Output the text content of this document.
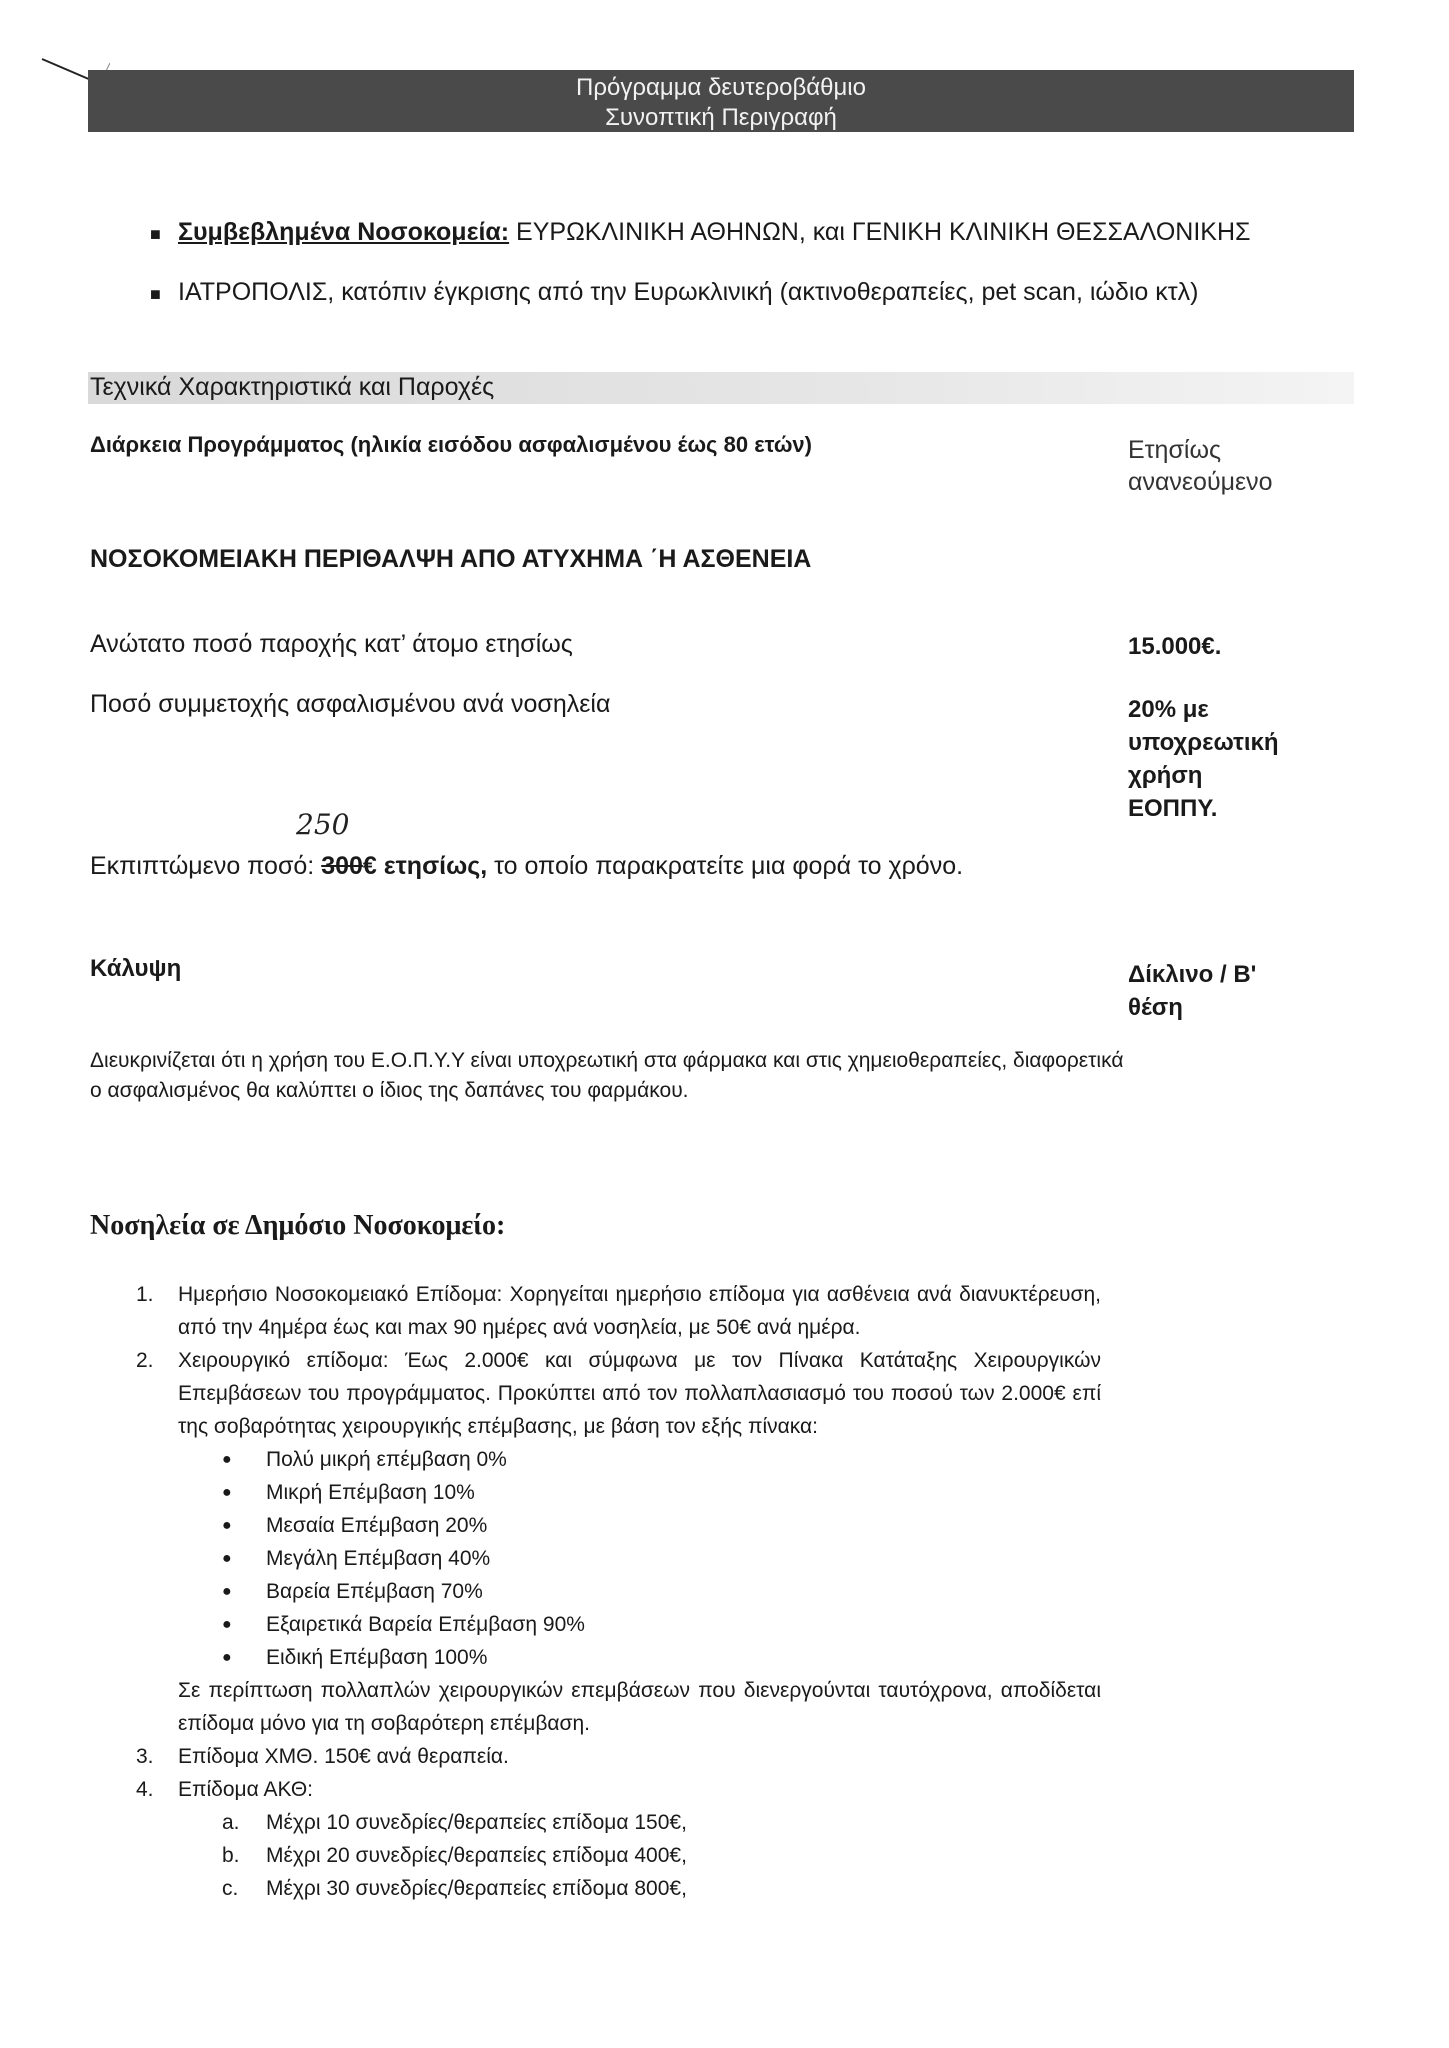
Πρόγραμμα δευτεροβάθμιο
Συνοπτική Περιγραφή
■ Συμβεβλημένα Νοσοκομεία: ΕΥΡΩΚΛΙΝΙΚΗ ΑΘΗΝΩΝ, και ΓΕΝΙΚΗ ΚΛΙΝΙΚΗ ΘΕΣΣΑΛΟΝΙΚΗΣ
■ ΙΑΤΡΟΠΟΛΙΣ, κατόπιν έγκρισης από την Ευρωκλινική (ακτινοθεραπείες, pet scan, ιώδιο κτλ)
Τεχνικά Χαρακτηριστικά και Παροχές
Διάρκεια Προγράμματος (ηλικία εισόδου ασφαλισμένου έως 80 ετών)	Ετησίως
ανανεούμενο
ΝΟΣΟΚΟΜΕΙΑΚΗ ΠΕΡΙΘΑΛΨΗ ΑΠΟ ΑΤΥΧΗΜΑ ΄Η ΑΣΘΕΝΕΙΑ
Ανώτατο ποσό παροχής κατ’ άτομο ετησίως	15.000€.
Ποσό συμμετοχής ασφαλισμένου ανά νοσηλεία	20% με
υποχρεωτική
χρήση
ΕΟΠΠΥ.
250
Εκπιπτώμενο ποσό: 300€ ετησίως, το οποίο παρακρατείτε μια φορά το χρόνο.
Κάλυψη	Δίκλινο / Β'
θέση
Διευκρινίζεται ότι η χρήση του Ε.Ο.Π.Υ.Υ είναι υποχρεωτική στα φάρμακα και στις χημειοθεραπείες, διαφορετικά ο ασφαλισμένος θα καλύπτει ο ίδιος της δαπάνες του φαρμάκου.
Νοσηλεία σε Δημόσιο Νοσοκομείο:
1.	Ημερήσιο Νοσοκομειακό Επίδομα: Χορηγείται ημερήσιο επίδομα για ασθένεια ανά διανυκτέρευση, από την 4ημέρα έως και max 90 ημέρες ανά νοσηλεία, με 50€ ανά ημέρα.
2.	Χειρουργικό επίδομα: Έως 2.000€ και σύμφωνα με τον Πίνακα Κατάταξης Χειρουργικών Επεμβάσεων του προγράμματος. Προκύπτει από τον πολλαπλασιασμό του ποσού των 2.000€ επί της σοβαρότητας χειρουργικής επέμβασης, με βάση τον εξής πίνακα:
●	Πολύ μικρή επέμβαση 0%
●	Μικρή Επέμβαση 10%
●	Μεσαία Επέμβαση 20%
●	Μεγάλη Επέμβαση 40%
●	Βαρεία Επέμβαση 70%
●	Εξαιρετικά Βαρεία Επέμβαση 90%
●	Ειδική Επέμβαση 100%
Σε περίπτωση πολλαπλών χειρουργικών επεμβάσεων που διενεργούνται ταυτόχρονα, αποδίδεται επίδομα μόνο για τη σοβαρότερη επέμβαση.
3.	Επίδομα ΧΜΘ. 150€ ανά θεραπεία.
4.	Επίδομα ΑΚΘ:
a.	Μέχρι 10 συνεδρίες/θεραπείες επίδομα 150€,
b.	Μέχρι 20 συνεδρίες/θεραπείες επίδομα 400€,
c.	Μέχρι 30 συνεδρίες/θεραπείες επίδομα 800€,
